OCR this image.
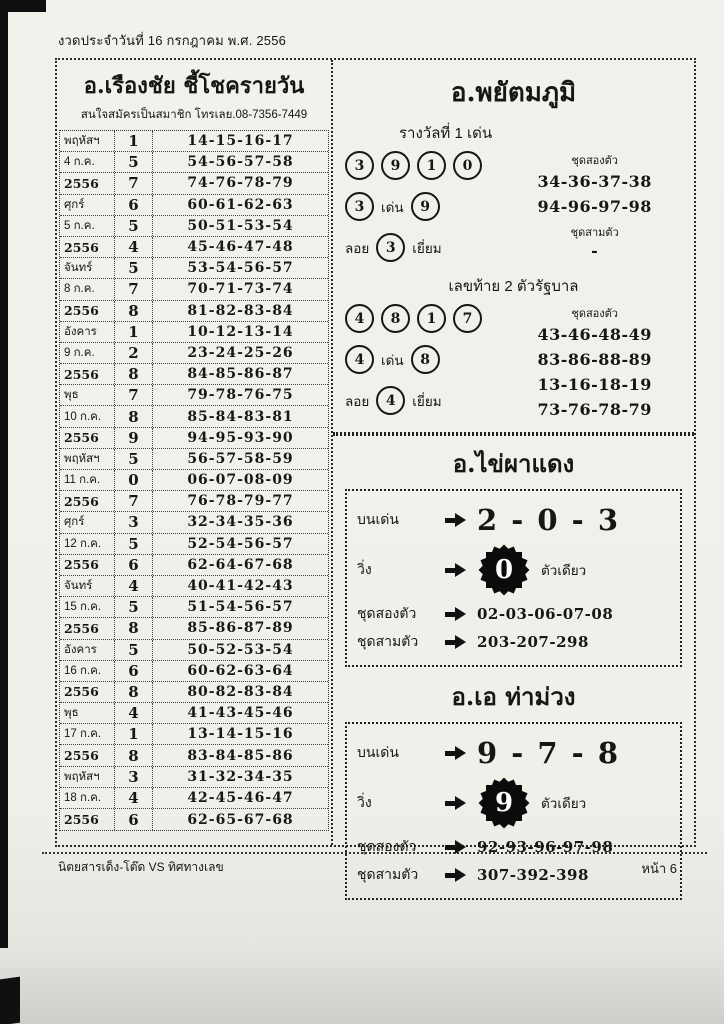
งวดประจำวันที่ 16 กรกฎาคม พ.ศ. 2556
อ.เรืองชัย ชี้โชครายวัน
สนใจสมัครเป็นสมาชิก โทรเลย.08-7356-7449
พฤหัสฯ	1	14-15-16-17
4 ก.ค.	5	54-56-57-58
2556	7	74-76-78-79
ศุกร์	6	60-61-62-63
5 ก.ค.	5	50-51-53-54
2556	4	45-46-47-48
จันทร์	5	53-54-56-57
8 ก.ค.	7	70-71-73-74
2556	8	81-82-83-84
อังคาร	1	10-12-13-14
9 ก.ค.	2	23-24-25-26
2556	8	84-85-86-87
พุธ	7	79-78-76-75
10 ก.ค.	8	85-84-83-81
2556	9	94-95-93-90
พฤหัสฯ	5	56-57-58-59
11 ก.ค.	0	06-07-08-09
2556	7	76-78-79-77
ศุกร์	3	32-34-35-36
12 ก.ค.	5	52-54-56-57
2556	6	62-64-67-68
จันทร์	4	40-41-42-43
15 ก.ค.	5	51-54-56-57
2556	8	85-86-87-89
อังคาร	5	50-52-53-54
16 ก.ค.	6	60-62-63-64
2556	8	80-82-83-84
พุธ	4	41-43-45-46
17 ก.ค.	1	13-14-15-16
2556	8	83-84-85-86
พฤหัสฯ	3	31-32-34-35
18 ก.ค.	4	42-45-46-47
2556	6	62-65-67-68
อ.พยัตมภูมิ
รางวัลที่ 1 เด่น
3	9	1	0
3	เด่น	9
ลอย	3	เยี่ยม
ชุดสองตัว
34-36-37-38
94-96-97-98
ชุดสามตัว
-
เลขท้าย 2 ตัวรัฐบาล
4	8	1	7
4	เด่น	8
ลอย	4	เยี่ยม
ชุดสองตัว
43-46-48-49
83-86-88-89
13-16-18-19
73-76-78-79
อ.ไข่ผาแดง
บนเด่น	2 - 0 - 3
วิ่ง	0	ตัวเดียว
ชุดสองตัว	02-03-06-07-08
ชุดสามตัว	203-207-298
อ.เอ ท่าม่วง
บนเด่น	9 - 7 - 8
วิ่ง	9	ตัวเดียว
ชุดสองตัว	92-93-96-97-98
ชุดสามตัว	307-392-398
นิตยสารเด็ง-โต๊ด VS ทิศทางเลข	หน้า 6
